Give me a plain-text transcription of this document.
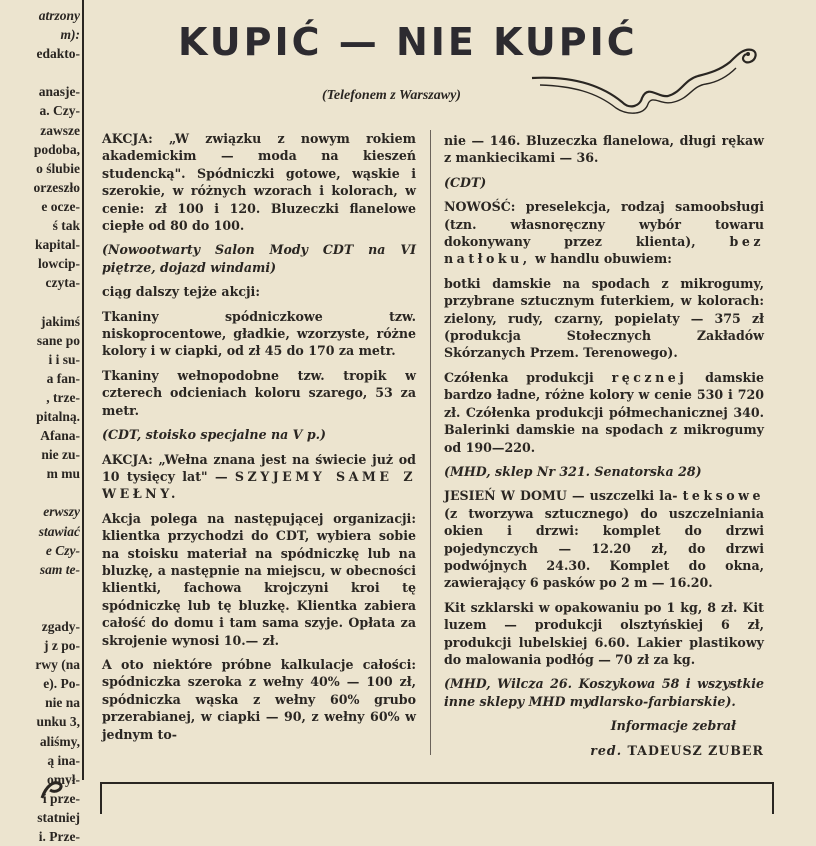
atrzony
m):
edakto-

anasje-
a. Czy-
zawsze
podoba,
o ślubie
orzeszło
e ocze-
ś tak
kapital-
lowcip-
czyta-

jakimś
sane po
i i su-
a fan-
, trze-
pitalną.
Afana-
nie zu-
m mu

erwszy
stawiać
e Czy-
sam te-

zgady-
j z po-
rwy (na
e). Po-
nie na
unku 3,
aliśmy,
ą ina-
omył-
i prze-
statniej
i. Prze-
KUPIĆ — NIE KUPIĆ
(Telefonem z Warszawy)

AKCJA: „W związku z nowym rokiem akademickim — moda na kieszeń studencką". Spódniczki gotowe, wąskie i szerokie, w różnych wzorach i kolorach, w cenie: zł 100 i 120. Bluzeczki flanelowe ciepłe od 80 do 100.

(Nowootwarty Salon Mody CDT na VI piętrze, dojazd windami)

ciąg dalszy tejże akcji:

Tkaniny spódniczkowe tzw. niskoprocentowe, gładkie, wzorzyste, różne kolory i w ciapki, od zł 45 do 170 za metr.

Tkaniny wełnopodobne tzw. tropik w czterech odcieniach koloru szarego, 53 za metr.

(CDT, stoisko specjalne na V p.)

AKCJA: „Wełna znana jest na świecie już od 10 tysięcy lat" — SZYJEMY SAME Z WEŁNY.

Akcja polega na następującej organizacji: klientka przychodzi do CDT, wybiera sobie na stoisku materiał na spódniczkę lub na bluzkę, a następnie na miejscu, w obecności klientki, fachowa krojczyni kroi tę spódniczkę lub tę bluzkę. Klientka zabiera całość do domu i tam sama szyje. Opłata za skrojenie wynosi 10.— zł.

A oto niektóre próbne kalkulacje całości: spódniczka szeroka z wełny 40% — 100 zł, spódniczka wąska z wełny 60% grubo przerabianej, w ciapki — 90, z wełny 60% w jednym to-

nie — 146. Bluzeczka flanelowa, długi rękaw z mankiecikami — 36.

(CDT)

NOWOŚĆ: preselekcja, rodzaj samoobsługi (tzn. własnoręczny wybór towaru dokonywany przez klienta),	bez natłoku, w handlu obuwiem:

botki damskie na spodach z mikrogumy, przybrane sztucznym futerkiem, w kolorach: zielony, rudy, czarny, popielaty — 375 zł (produkcja Stołecznych Zakładów Skórzanych Przem. Terenowego).

Czółenka produkcji ręcznej damskie bardzo ładne, różne kolory w cenie 530 i 720 zł. Czółenka produkcji półmechanicznej 340. Balerinki damskie na spodach z mikrogumy od 190—220.

(MHD, sklep Nr 321. Senatorska 28)

JESIEŃ W DOMU — uszczelki la- teksowe (z tworzywa sztucznego) do uszczelniania okien i drzwi: komplet do drzwi pojedynczych — 12.20 zł, do drzwi podwójnych 24.30. Komplet do okna, zawierający 6 pasków po 2 m — 16.20.

Kit szklarski w opakowaniu po 1 kg, 8 zł. Kit luzem — produkcji olsztyńskiej 6 zł, produkcji lubelskiej 6.60. Lakier plastikowy do malowania podłóg — 70 zł za kg.

(MHD, Wilcza 26. Koszykowa 58 i wszystkie inne sklepy MHD mydlarsko-farbiarskie).

Informacje zebrał

red. TADEUSZ ZUBER
